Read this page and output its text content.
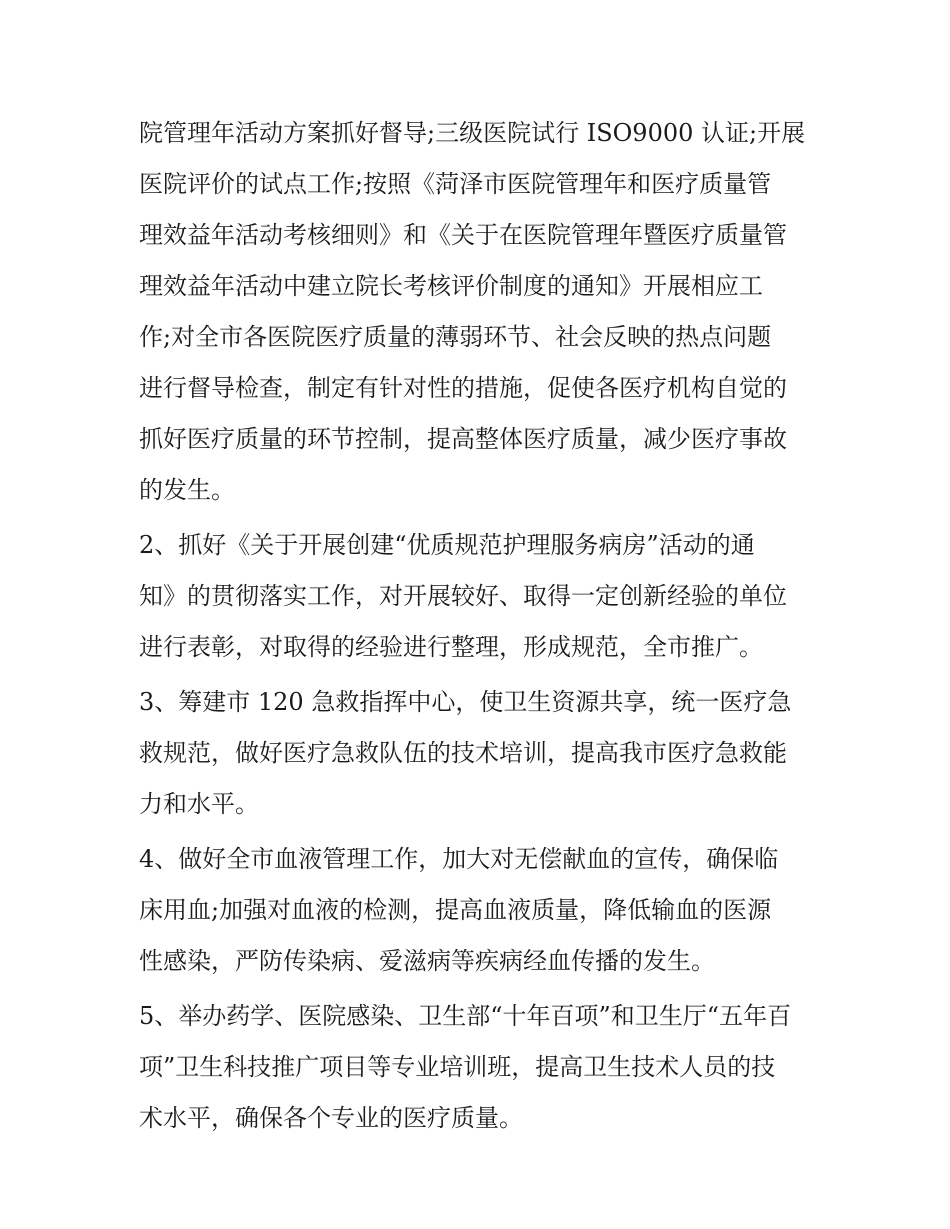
院管理年活动方案抓好督导;三级医院试行 ISO9000 认证;开展
医院评价的试点工作;按照《菏泽市医院管理年和医疗质量管
理效益年活动考核细则》和《关于在医院管理年暨医疗质量管
理效益年活动中建立院长考核评价制度的通知》开展相应工
作;对全市各医院医疗质量的薄弱环节、社会反映的热点问题
进行督导检查，制定有针对性的措施，促使各医疗机构自觉的
抓好医疗质量的环节控制，提高整体医疗质量，减少医疗事故
的发生。
2、抓好《关于开展创建“优质规范护理服务病房”活动的通
知》的贯彻落实工作，对开展较好、取得一定创新经验的单位
进行表彰，对取得的经验进行整理，形成规范，全市推广。
3、筹建市 120 急救指挥中心，使卫生资源共享，统一医疗急
救规范，做好医疗急救队伍的技术培训，提高我市医疗急救能
力和水平。
4、做好全市血液管理工作，加大对无偿献血的宣传，确保临
床用血;加强对血液的检测，提高血液质量，降低输血的医源
性感染，严防传染病、爱滋病等疾病经血传播的发生。
5、举办药学、医院感染、卫生部“十年百项”和卫生厅“五年百
项”卫生科技推广项目等专业培训班，提高卫生技术人员的技
术水平，确保各个专业的医疗质量。
